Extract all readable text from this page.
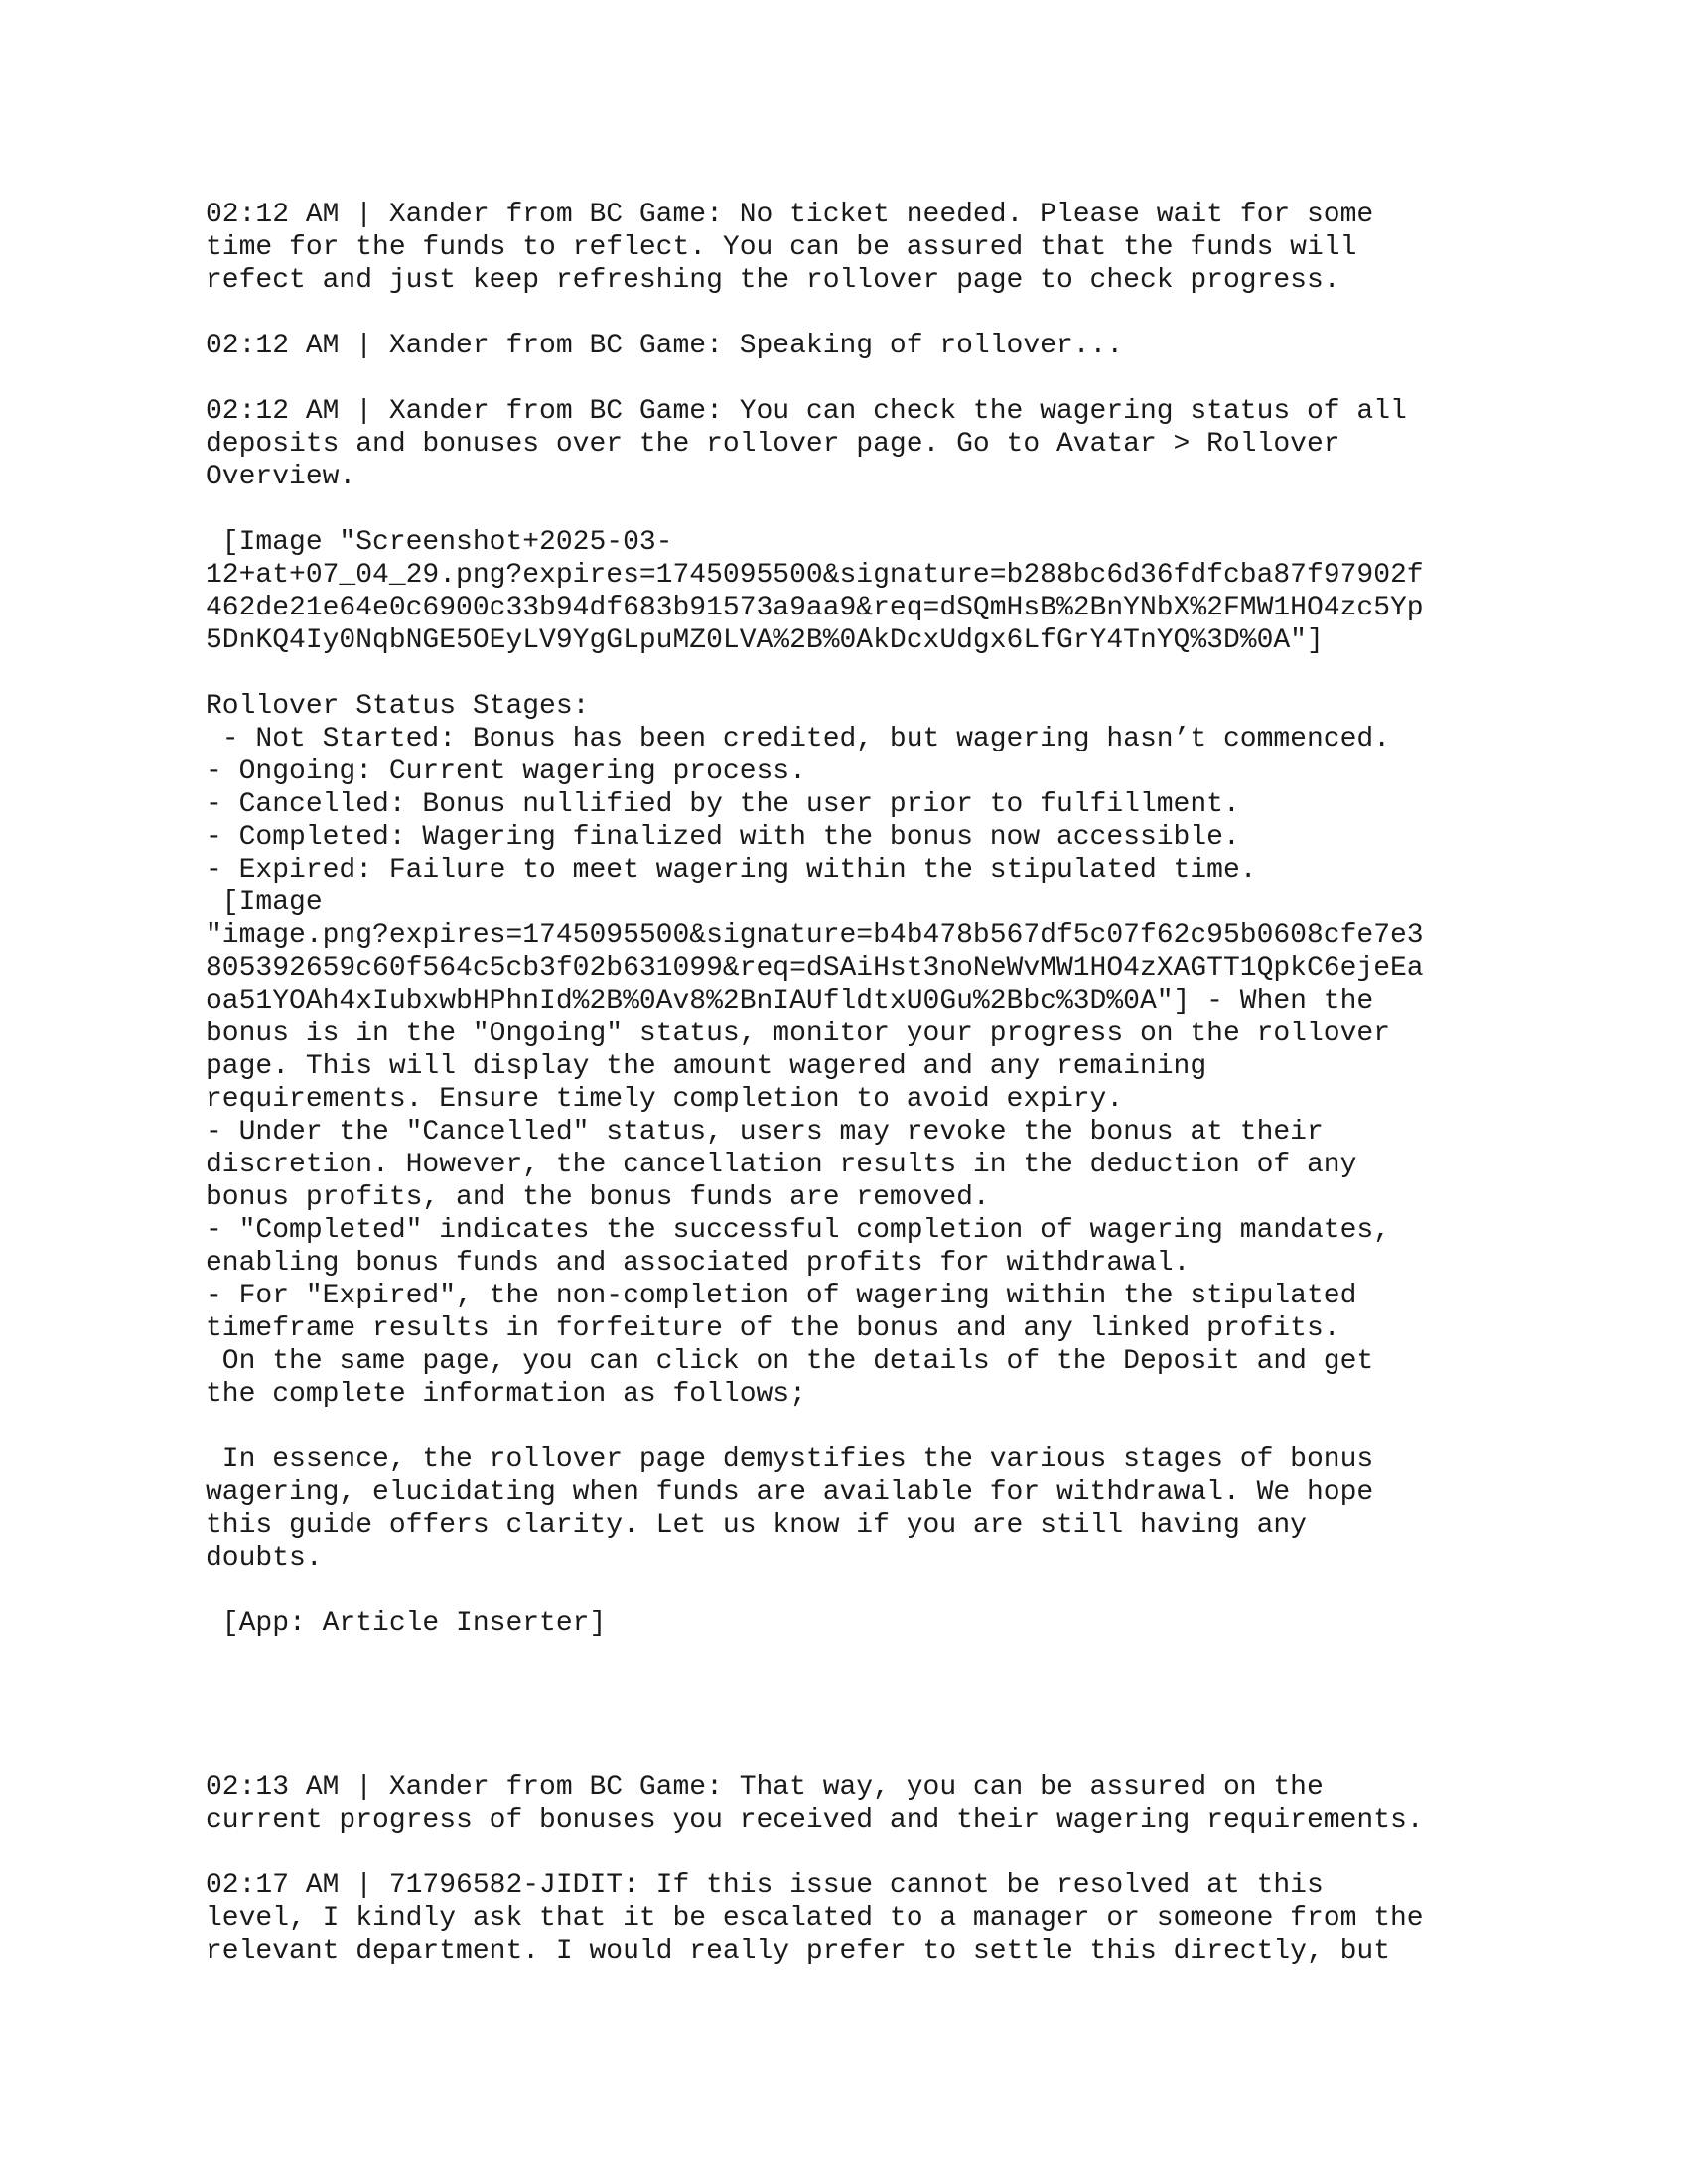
02:12 AM | Xander from BC Game: No ticket needed. Please wait for some
time for the funds to reflect. You can be assured that the funds will
refect and just keep refreshing the rollover page to check progress.
02:12 AM | Xander from BC Game: Speaking of rollover...
02:12 AM | Xander from BC Game: You can check the wagering status of all
deposits and bonuses over the rollover page. Go to Avatar > Rollover
Overview.
[Image "Screenshot+2025-03-
12+at+07_04_29.png?expires=1745095500&signature=b288bc6d36fdfcba87f97902f
462de21e64e0c6900c33b94df683b91573a9aa9&req=dSQmHsB%2BnYNbX%2FMW1HO4zc5Yp
5DnKQ4Iy0NqbNGE5OEyLV9YgGLpuMZ0LVA%2B%0AkDcxUdgx6LfGrY4TnYQ%3D%0A"]
Rollover Status Stages:
- Not Started: Bonus has been credited, but wagering hasn’t commenced.
- Ongoing: Current wagering process.
- Cancelled: Bonus nullified by the user prior to fulfillment.
- Completed: Wagering finalized with the bonus now accessible.
- Expired: Failure to meet wagering within the stipulated time.
[Image
"image.png?expires=1745095500&signature=b4b478b567df5c07f62c95b0608cfe7e3
805392659c60f564c5cb3f02b631099&req=dSAiHst3noNeWvMW1HO4zXAGTT1QpkC6ejeEa
oa51YOAh4xIubxwbHPhnId%2B%0Av8%2BnIAUfldtxU0Gu%2Bbc%3D%0A"] - When the
bonus is in the "Ongoing" status, monitor your progress on the rollover
page. This will display the amount wagered and any remaining
requirements. Ensure timely completion to avoid expiry.
- Under the "Cancelled" status, users may revoke the bonus at their
discretion. However, the cancellation results in the deduction of any
bonus profits, and the bonus funds are removed.
- "Completed" indicates the successful completion of wagering mandates,
enabling bonus funds and associated profits for withdrawal.
- For "Expired", the non-completion of wagering within the stipulated
timeframe results in forfeiture of the bonus and any linked profits.
On the same page, you can click on the details of the Deposit and get
the complete information as follows;
In essence, the rollover page demystifies the various stages of bonus
wagering, elucidating when funds are available for withdrawal. We hope
this guide offers clarity. Let us know if you are still having any
doubts.
[App: Article Inserter]
02:13 AM | Xander from BC Game: That way, you can be assured on the
current progress of bonuses you received and their wagering requirements.
02:17 AM | 71796582-JIDIT: If this issue cannot be resolved at this
level, I kindly ask that it be escalated to a manager or someone from the
relevant department. I would really prefer to settle this directly, but
